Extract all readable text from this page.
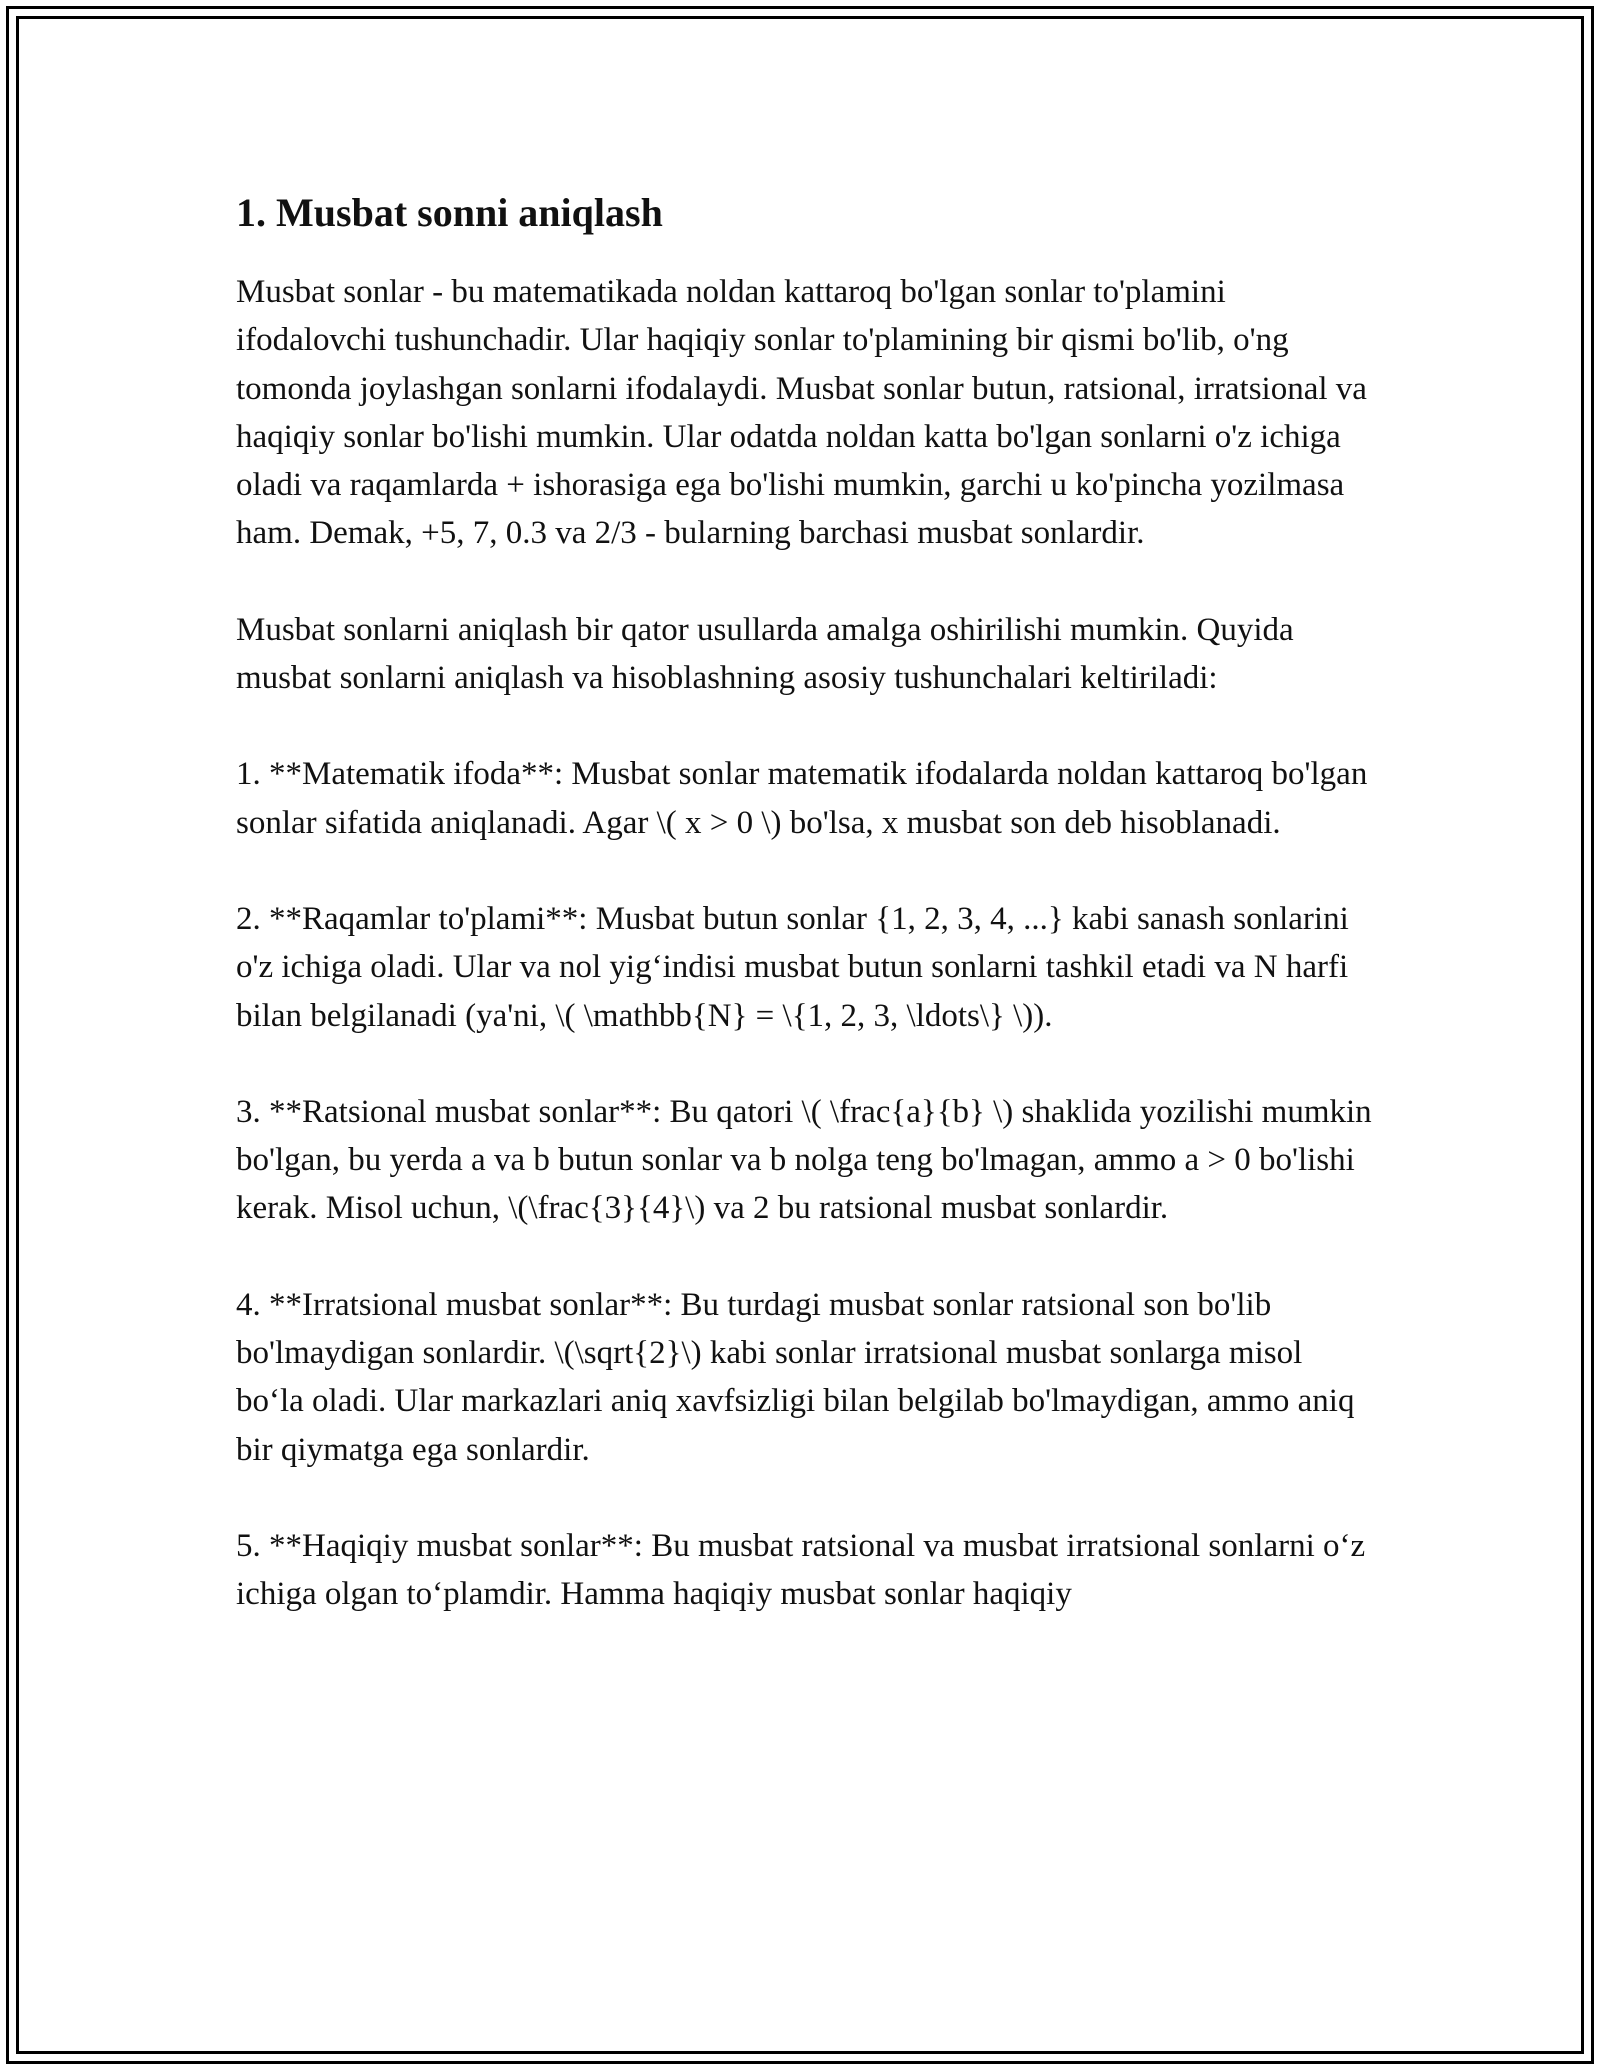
1. Musbat sonni aniqlash

Musbat sonlar - bu matematikada noldan kattaroq bo'lgan sonlar to'plamini ifodalovchi tushunchadir. Ular haqiqiy sonlar to'plamining bir qismi bo'lib, o'ng tomonda joylashgan sonlarni ifodalaydi. Musbat sonlar butun, ratsional, irratsional va haqiqiy sonlar bo'lishi mumkin. Ular odatda noldan katta bo'lgan sonlarni o'z ichiga oladi va raqamlarda + ishorasiga ega bo'lishi mumkin, garchi u ko'pincha yozilmasa ham. Demak, +5, 7, 0.3 va 2/3 - bularning barchasi musbat sonlardir.

Musbat sonlarni aniqlash bir qator usullarda amalga oshirilishi mumkin. Quyida musbat sonlarni aniqlash va hisoblashning asosiy tushunchalari keltiriladi:

1. **Matematik ifoda**: Musbat sonlar matematik ifodalarda noldan kattaroq bo'lgan sonlar sifatida aniqlanadi. Agar \( x > 0 \) bo'lsa, x musbat son deb hisoblanadi.

2. **Raqamlar to'plami**: Musbat butun sonlar {1, 2, 3, 4, ...} kabi sanash sonlarini o'z ichiga oladi. Ular va nol yig‘indisi musbat butun sonlarni tashkil etadi va N harfi bilan belgilanadi (ya'ni, \( \mathbb{N} = \{1, 2, 3, \ldots\} \)).

3. **Ratsional musbat sonlar**: Bu qatori \( \frac{a}{b} \) shaklida yozilishi mumkin bo'lgan, bu yerda a va b butun sonlar va b nolga teng bo'lmagan, ammo a > 0 bo'lishi kerak. Misol uchun, \(\frac{3}{4}\) va 2 bu ratsional musbat sonlardir.

4. **Irratsional musbat sonlar**: Bu turdagi musbat sonlar ratsional son bo'lib bo'lmaydigan sonlardir. \(\sqrt{2}\) kabi sonlar irratsional musbat sonlarga misol bo‘la oladi. Ular markazlari aniq xavfsizligi bilan belgilab bo'lmaydigan, ammo aniq bir qiymatga ega sonlardir.

5. **Haqiqiy musbat sonlar**: Bu musbat ratsional va musbat irratsional sonlarni o‘z ichiga olgan to‘plamdir. Hamma haqiqiy musbat sonlar haqiqiy
